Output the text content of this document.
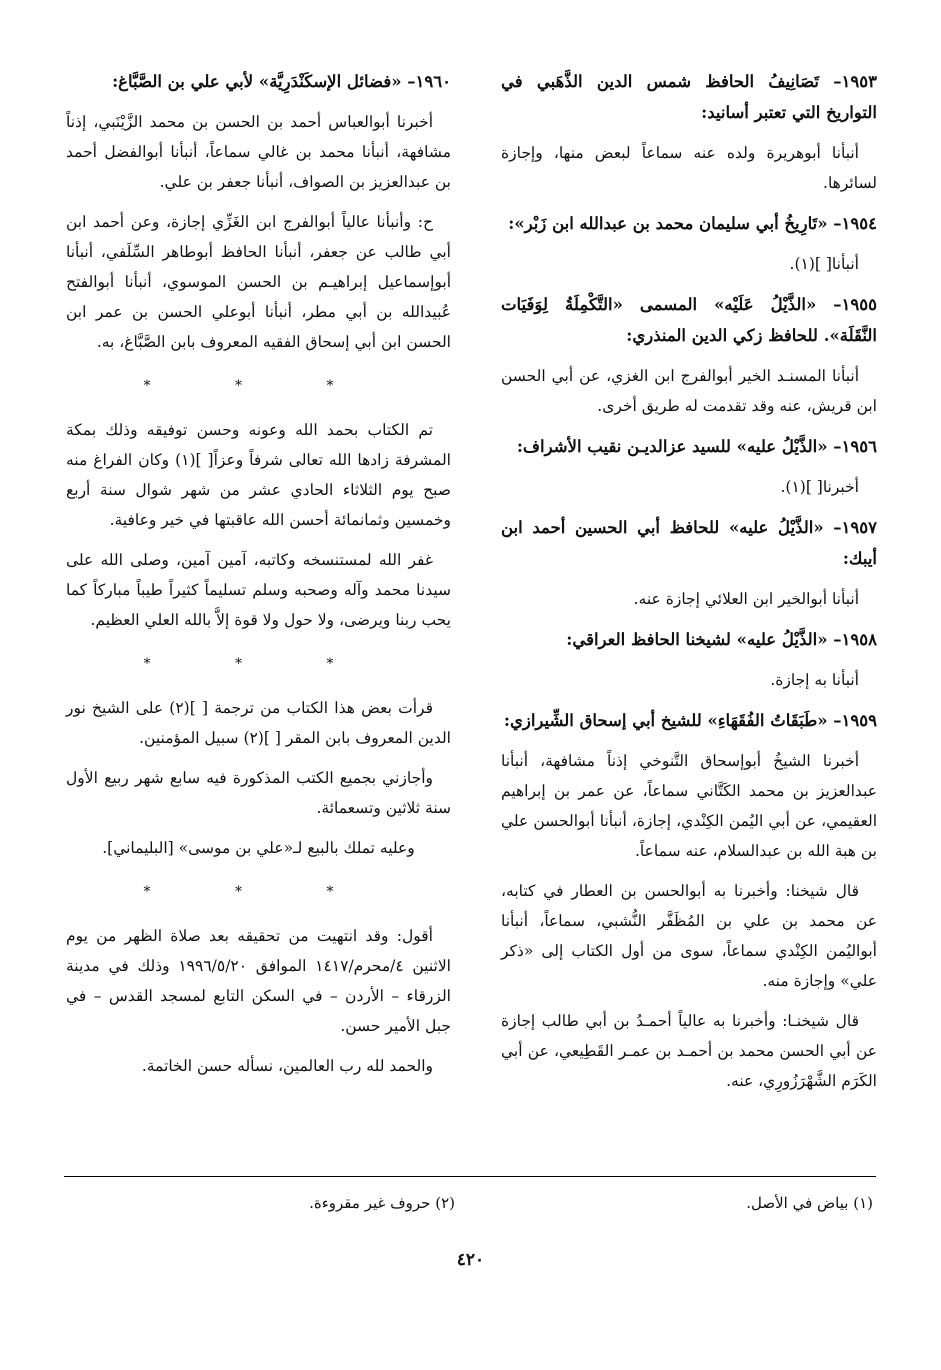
١٩٥٣– تَصَانِيفُ الحافظ شمس الدين الذَّهَبي في التواريخ التي تعتبر أسانيد:
أنبأنا أبوهريرة ولده عنه سماعاً لبعض منها، وإجازة لسائرها.
١٩٥٤– «تَارِيخُ أبي سليمان محمد بن عبدالله ابن زَبْر»:
أنبأنا[ ](١).
١٩٥٥– «الذَّيْلُ عَلَيْه» المسمى «التَّكْمِلَةُ لِوَفَيَات النَّقَلَة». للحافظ زكي الدين المنذري:
أنبأنا المسنـد الخير أبوالفرج ابن الغزي، عن أبي الحسن ابن قريش، عنه وقد تقدمت له طريق أخرى.
١٩٥٦– «الذَّيْلُ عليه» للسيد عزالديـن نقيب الأشراف:
أخبرنا[ ](١).
١٩٥٧– «الذَّيْلُ عليه» للحافظ أبي الحسين أحمد ابن أيبك:
أنبأنا أبوالخير ابن العلائي إجازة عنه.
١٩٥٨– «الذَّيْلُ عليه» لشيخنا الحافظ العراقي:
أنبأنا به إجازة.
١٩٥٩– «طَبَقَاتُ الفُقَهَاءِ» للشيخ أبي إسحاق الشِّيرازي:
أخبرنا الشيخُ أبوإسحاق التَّنوخي إذناً مشافهة، أنبأنا عبدالعزيز بن محمد الكَتَّاني سماعاً، عن عمر بن إبراهيم العقيمي، عن أبي اليُمن الكِنْدي، إجازة، أنبأنا أبوالحسن علي بن هبة الله بن عبدالسلام، عنه سماعاً.
قال شيخنا: وأخبرنا به أبوالحسن بن العطار في كتابه، عن محمد بن علي بن المُظَفَّر النُّشبي، سماعاً، أنبأنا أبواليُمن الكِنْدي سماعاً، سوى من أول الكتاب إلى «ذكر علي» وإجازة منه.
قال شيخنـا: وأخبرنا به عالياً أحمـدُ بن أبي طالب إجازة عن أبي الحسن محمد بن أحمـد بن عمـر القَطِيعي، عن أبي الكَرَم الشَّهْرَزُورِي، عنه.
١٩٦٠– «فضائل الإسكَنْدَرِيَّة» لأبي علي بن الصَّبَّاغ:
أخبرنا أبوالعباس أحمد بن الحسن بن محمد الزَّيْنَبي، إذناً مشافهة، أنبأنا محمد بن غالي سماعاً، أنبأنا أبوالفضل أحمد بن عبدالعزيز بن الصواف، أنبأنا جعفر بن علي.
ح: وأنبأنا عالياً أبوالفرج ابن الغَزِّي إجازة، وعن أحمد ابن أبي طالب عن جعفر، أنبأنا الحافظ أبوطاهر السِّلَفي، أنبأنا أبوإسماعيل إبراهيـم بن الحسن الموسوي، أنبأنا أبوالفتح عُبيدالله بن أبي مطر، أنبأنا أبوعلي الحسن بن عمر ابن الحسن ابن أبي إسحاق الفقيه المعروف بابن الصَّبَّاغ، به.
* * *
تم الكتاب بحمد الله وعونه وحسن توفيقه وذلك بمكة المشرفة زادها الله تعالى شرفاً وعزاً[ ](١) وكان الفراغ منه صبح يوم الثلاثاء الحادي عشر من شهر شوال سنة أربع وخمسين وثمانمائة أحسن الله عاقبتها في خير وعافية.
غفر الله لمستنسخه وكاتبه، آمين آمين، وصلى الله على سيدنا محمد وآله وصحبه وسلم تسليماً كثيراً طيباً مباركاً كما يحب ربنا ويرضى، ولا حول ولا قوة إلاَّ بالله العلي العظيم.
* * *
قرأت بعض هذا الكتاب من ترجمة [ ](٢) على الشيخ نور الدين المعروف بابن المقر [ ](٢) سبيل المؤمنين.
وأجازني بجميع الكتب المذكورة فيه سابع شهر ربيع الأول سنة ثلاثين وتسعمائة.
وعليه تملك بالبيع لـ«علي بن موسى» [البليماني].
* * *
أقول: وقد انتهيت من تحقيقه بعد صلاة الظهر من يوم الاثنين ٤/محرم/١٤١٧ الموافق ١٩٩٦/٥/٢٠ وذلك في مدينة الزرقاء – الأردن – في السكن التابع لمسجد القدس – في جبل الأمير حسن.
والحمد لله رب العالمين، نسأله حسن الخاتمة.
(١) بياض في الأصل.
(٢) حروف غير مقروءة.
٤٢٠
